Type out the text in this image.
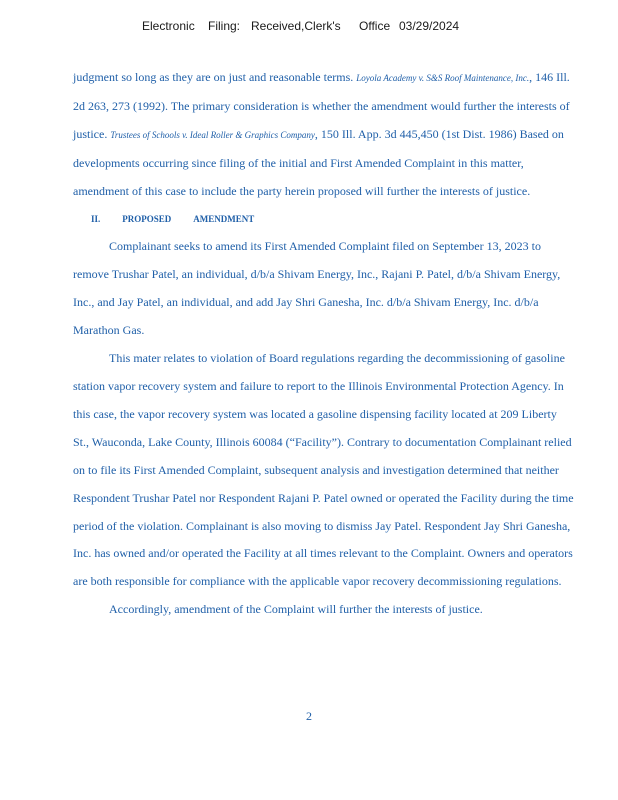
Electronic Filing: Received,Clerk's Office 03/29/2024

judgment so long as they are on just and reasonable terms. Loyola Academy v. S&S Roof Maintenance, Inc., 146 Ill. 2d 263, 273 (1992). The primary consideration is whether the amendment would further the interests of justice. Trustees of Schools v. Ideal Roller & Graphics Company, 150 Ill. App. 3d 445,450 (1st Dist. 1986) Based on developments occurring since filing of the initial and First Amended Complaint in this matter, amendment of this case to include the party herein proposed will further the interests of justice.

II. PROPOSED AMENDMENT

Complainant seeks to amend its First Amended Complaint filed on September 13, 2023 to remove Trushar Patel, an individual, d/b/a Shivam Energy, Inc., Rajani P. Patel, d/b/a Shivam Energy, Inc., and Jay Patel, an individual, and add Jay Shri Ganesha, Inc. d/b/a Shivam Energy, Inc. d/b/a Marathon Gas.

This mater relates to violation of Board regulations regarding the decommissioning of gasoline station vapor recovery system and failure to report to the Illinois Environmental Protection Agency. In this case, the vapor recovery system was located a gasoline dispensing facility located at 209 Liberty St., Wauconda, Lake County, Illinois 60084 (“Facility”). Contrary to documentation Complainant relied on to file its First Amended Complaint, subsequent analysis and investigation determined that neither Respondent Trushar Patel nor Respondent Rajani P. Patel owned or operated the Facility during the time period of the violation. Complainant is also moving to dismiss Jay Patel. Respondent Jay Shri Ganesha, Inc. has owned and/or operated the Facility at all times relevant to the Complaint. Owners and operators are both responsible for compliance with the applicable vapor recovery decommissioning regulations.

Accordingly, amendment of the Complaint will further the interests of justice.

2
